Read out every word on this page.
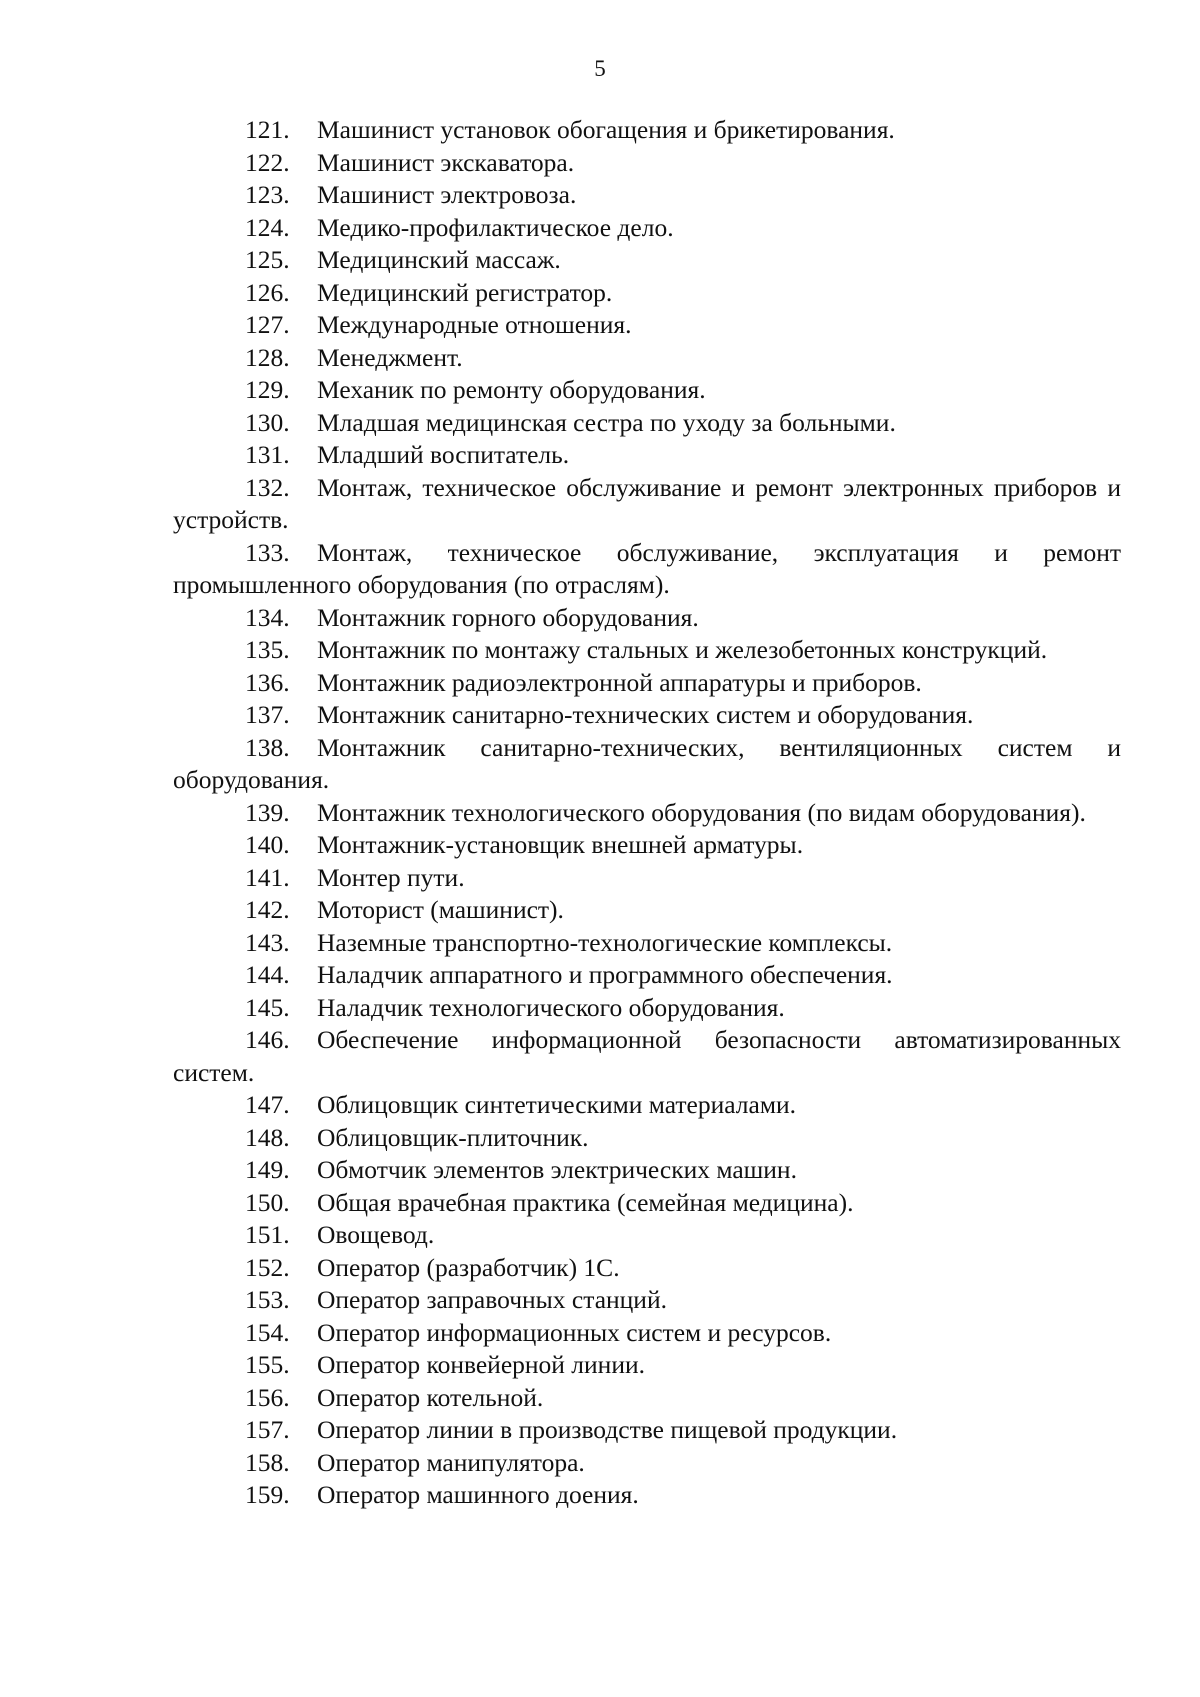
5
121. Машинист установок обогащения и брикетирования.
122. Машинист экскаватора.
123. Машинист электровоза.
124. Медико-профилактическое дело.
125. Медицинский массаж.
126. Медицинский регистратор.
127. Международные отношения.
128. Менеджмент.
129. Механик по ремонту оборудования.
130. Младшая медицинская сестра по уходу за больными.
131. Младший воспитатель.
132. Монтаж, техническое обслуживание и ремонт электронных приборов и устройств.
133. Монтаж, техническое обслуживание, эксплуатация и ремонт промышленного оборудования (по отраслям).
134. Монтажник горного оборудования.
135. Монтажник по монтажу стальных и железобетонных конструкций.
136. Монтажник радиоэлектронной аппаратуры и приборов.
137. Монтажник санитарно-технических систем и оборудования.
138. Монтажник санитарно-технических, вентиляционных систем и оборудования.
139. Монтажник технологического оборудования (по видам оборудования).
140. Монтажник-установщик внешней арматуры.
141. Монтер пути.
142. Моторист (машинист).
143. Наземные транспортно-технологические комплексы.
144. Наладчик аппаратного и программного обеспечения.
145. Наладчик технологического оборудования.
146. Обеспечение информационной безопасности автоматизированных систем.
147. Облицовщик синтетическими материалами.
148. Облицовщик-плиточник.
149. Обмотчик элементов электрических машин.
150. Общая врачебная практика (семейная медицина).
151. Овощевод.
152. Оператор (разработчик) 1С.
153. Оператор заправочных станций.
154. Оператор информационных систем и ресурсов.
155. Оператор конвейерной линии.
156. Оператор котельной.
157. Оператор линии в производстве пищевой продукции.
158. Оператор манипулятора.
159. Оператор машинного доения.
